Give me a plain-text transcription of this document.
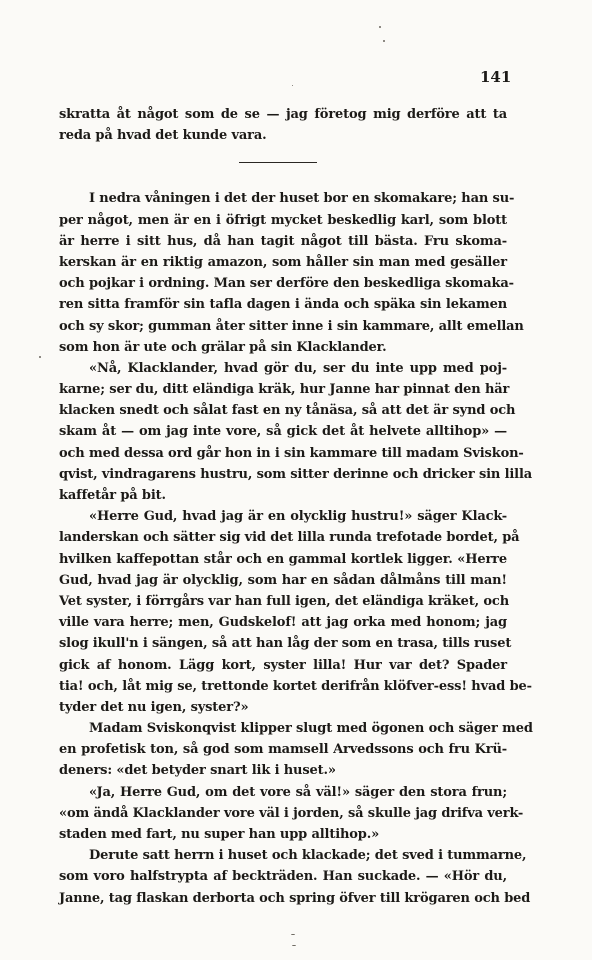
141
skratta åt något som de se — jag företog mig derföre att ta
reda på hvad det kunde vara.
I nedra våningen i det der huset bor en skomakare; han su-
per något, men är en i öfrigt mycket beskedlig karl, som blott
är herre i sitt hus, då han tagit något till bästa. Fru skoma-
kerskan är en riktig amazon, som håller sin man med gesäller
och pojkar i ordning. Man ser derföre den beskedliga skomaka-
ren sitta framför sin tafla dagen i ända och späka sin lekamen
och sy skor; gumman åter sitter inne i sin kammare, allt emellan
som hon är ute och grälar på sin Klacklander.
«Nå, Klacklander, hvad gör du, ser du inte upp med poj-
karne; ser du, ditt eländiga kräk, hur Janne har pinnat den här
klacken snedt och sålat fast en ny tånäsa, så att det är synd och
skam åt — om jag inte vore, så gick det åt helvete alltihop» —
och med dessa ord går hon in i sin kammare till madam Sviskon-
qvist, vindragarens hustru, som sitter derinne och dricker sin lilla
kaffetår på bit.
«Herre Gud, hvad jag är en olycklig hustru!» säger Klack-
landerskan och sätter sig vid det lilla runda trefotade bordet, på
hvilken kaffepottan står och en gammal kortlek ligger. «Herre
Gud, hvad jag är olycklig, som har en sådan dålmåns till man!
Vet syster, i förrgårs var han full igen, det eländiga kräket, och
ville vara herre; men, Gudskelof! att jag orka med honom; jag
slog ikull'n i sängen, så att han låg der som en trasa, tills ruset
gick af honom. Lägg kort, syster lilla! Hur var det? Spader
tia! och, låt mig se, trettonde kortet derifrån klöfver-ess! hvad be-
tyder det nu igen, syster?»
Madam Sviskonqvist klipper slugt med ögonen och säger med
en profetisk ton, så god som mamsell Arvedssons och fru Krü-
deners: «det betyder snart lik i huset.»
«Ja, Herre Gud, om det vore så väl!» säger den stora frun;
«om ändå Klacklander vore väl i jorden, så skulle jag drifva verk-
staden med fart, nu super han upp alltihop.»
Derute satt herrn i huset och klackade; det sved i tummarne,
som voro halfstrypta af beckträden. Han suckade. — «Hör du,
Janne, tag flaskan derborta och spring öfver till krögaren och bed
